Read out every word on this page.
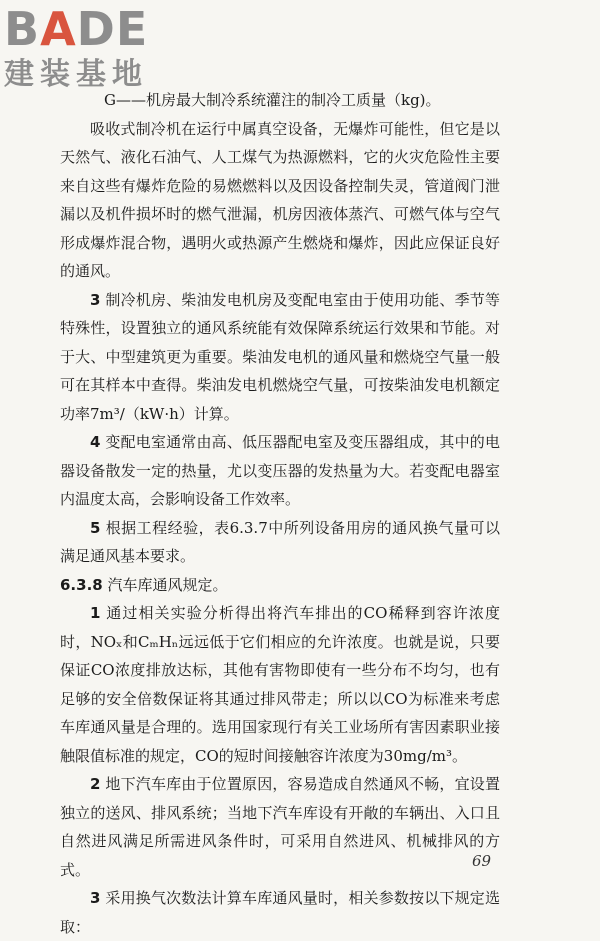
BADE
建装基地

G——机房最大制冷系统灌注的制冷工质量（kg)。

吸收式制冷机在运行中属真空设备，无爆炸可能性，但它是以天然气、液化石油气、人工煤气为热源燃料，它的火灾危险性主要来自这些有爆炸危险的易燃燃料以及因设备控制失灵，管道阀门泄漏以及机件损坏时的燃气泄漏，机房因液体蒸汽、可燃气体与空气形成爆炸混合物，遇明火或热源产生燃烧和爆炸，因此应保证良好的通风。

3 制冷机房、柴油发电机房及变配电室由于使用功能、季节等特殊性，设置独立的通风系统能有效保障系统运行效果和节能。对于大、中型建筑更为重要。柴油发电机的通风量和燃烧空气量一般可在其样本中查得。柴油发电机燃烧空气量，可按柴油发电机额定功率7m³/（kW·h）计算。

4 变配电室通常由高、低压器配电室及变压器组成，其中的电器设备散发一定的热量，尤以变压器的发热量为大。若变配电器室内温度太高，会影响设备工作效率。

5 根据工程经验，表6.3.7中所列设备用房的通风换气量可以满足通风基本要求。

6.3.8 汽车库通风规定。

1 通过相关实验分析得出将汽车排出的CO稀释到容许浓度时，NOₓ和CₘHₙ远远低于它们相应的允许浓度。也就是说，只要保证CO浓度排放达标，其他有害物即使有一些分布不均匀，也有足够的安全倍数保证将其通过排风带走；所以以CO为标准来考虑车库通风量是合理的。选用国家现行有关工业场所有害因素职业接触限值标准的规定，CO的短时间接触容许浓度为30mg/m³。

2 地下汽车库由于位置原因，容易造成自然通风不畅，宜设置独立的送风、排风系统；当地下汽车库设有开敞的车辆出、入口且自然进风满足所需进风条件时，可采用自然进风、机械排风的方式。

3 采用换气次数法计算车库通风量时，相关参数按以下规定选取：

69
